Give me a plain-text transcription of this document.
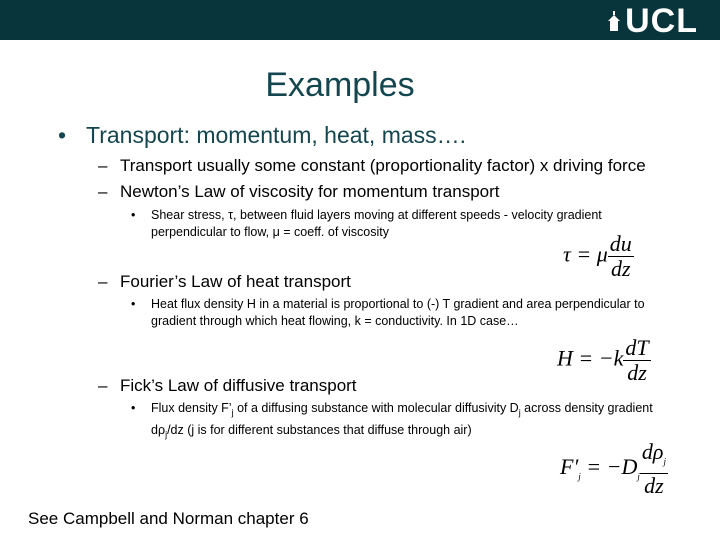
UCL
Examples
• Transport: momentum, heat, mass….
– Transport usually some constant (proportionality factor) x driving force
– Newton’s Law of viscosity for momentum transport
• Shear stress, τ, between fluid layers moving at different speeds - velocity gradient perpendicular to flow, μ = coeff. of viscosity
τ = μ $\frac{du}{dz}$
– Fourier’s Law of heat transport
• Heat flux density H in a material is proportional to (-) T gradient and area perpendicular to gradient through which heat flowing, k = conductivity. In 1D case…
$H = -k \frac{dT}{dz}$
– Fick’s Law of diffusive transport
• Flux density $F’_j$ of a diffusing substance with molecular diffusivity $D_j$ across density gradient $d\rho_j/dz$ (j is for different substances that diffuse through air)
$F'_j = -D_j \frac{d\rho_j}{dz}$
See Campbell and Norman chapter 6
